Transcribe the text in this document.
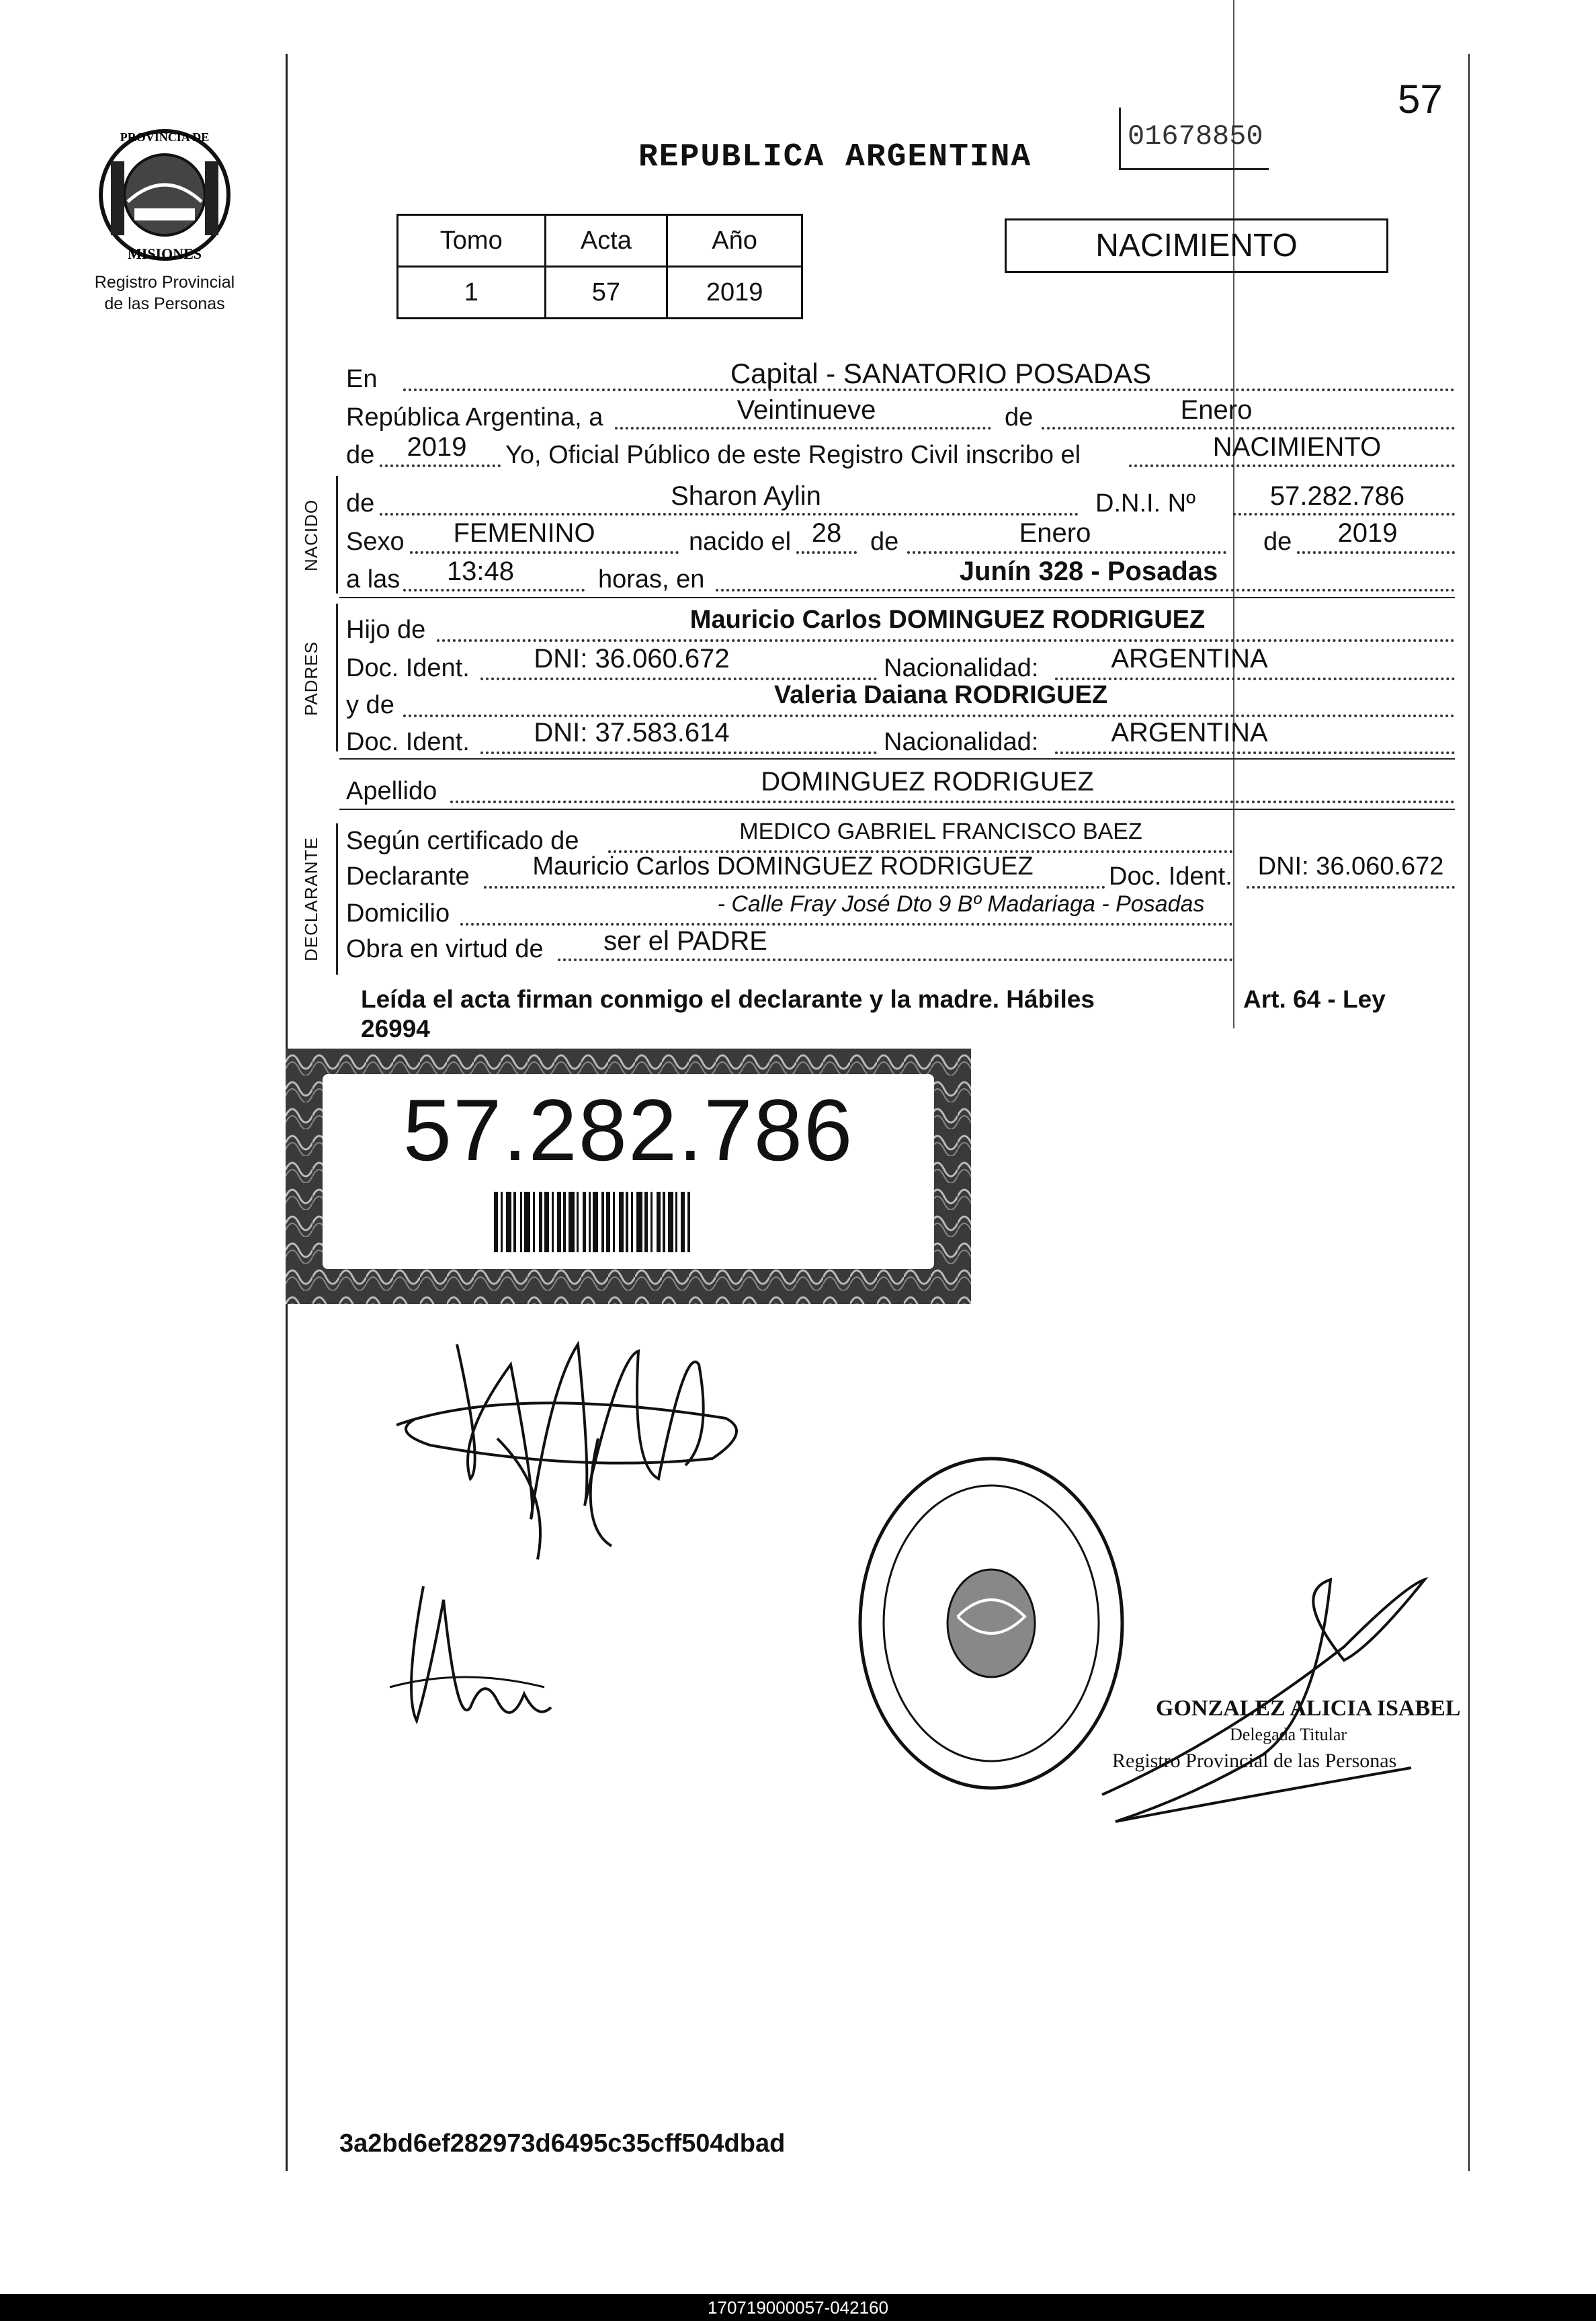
PROVINCIA DE
MISIONES
Registro Provincial
de las Personas
REPUBLICA ARGENTINA
01678850
57
Tomo	Acta	Año
1	57	2019
NACIMIENTO
En	Capital - SANATORIO POSADAS
República Argentina, a	Veintinueve	de	Enero
de	2019	Yo, Oficial Público de este Registro Civil inscribo el	NACIMIENTO
NACIDO de	Sharon Aylin	D.N.I. Nº	57.282.786
Sexo	FEMENINO	nacido el 28	de	Enero	de	2019
a las	13:48	horas, en	Junín 328 - Posadas
PADRES
Hijo de	Mauricio Carlos DOMINGUEZ RODRIGUEZ
Doc. Ident.	DNI: 36.060.672	Nacionalidad:	ARGENTINA
y de	Valeria Daiana RODRIGUEZ
Doc. Ident.	DNI: 37.583.614	Nacionalidad:	ARGENTINA
Apellido	DOMINGUEZ RODRIGUEZ
DECLARANTE Según certificado de	MEDICO GABRIEL FRANCISCO BAEZ
Declarante	Mauricio Carlos DOMINGUEZ RODRIGUEZ	Doc. Ident. DNI: 36.060.672
Domicilio	- Calle Fray José Dto 9 Bº Madariaga - Posadas
Obra en virtud de	ser el PADRE
Leída el acta firman conmigo el declarante y la madre. Hábiles
26994
Art. 64 - Ley
57.282.786
GONZALEZ ALICIA ISABEL
Delegada Titular
Registro Provincial de las Personas
3a2bd6ef282973d6495c35cff504dbad
170719000057-042160
